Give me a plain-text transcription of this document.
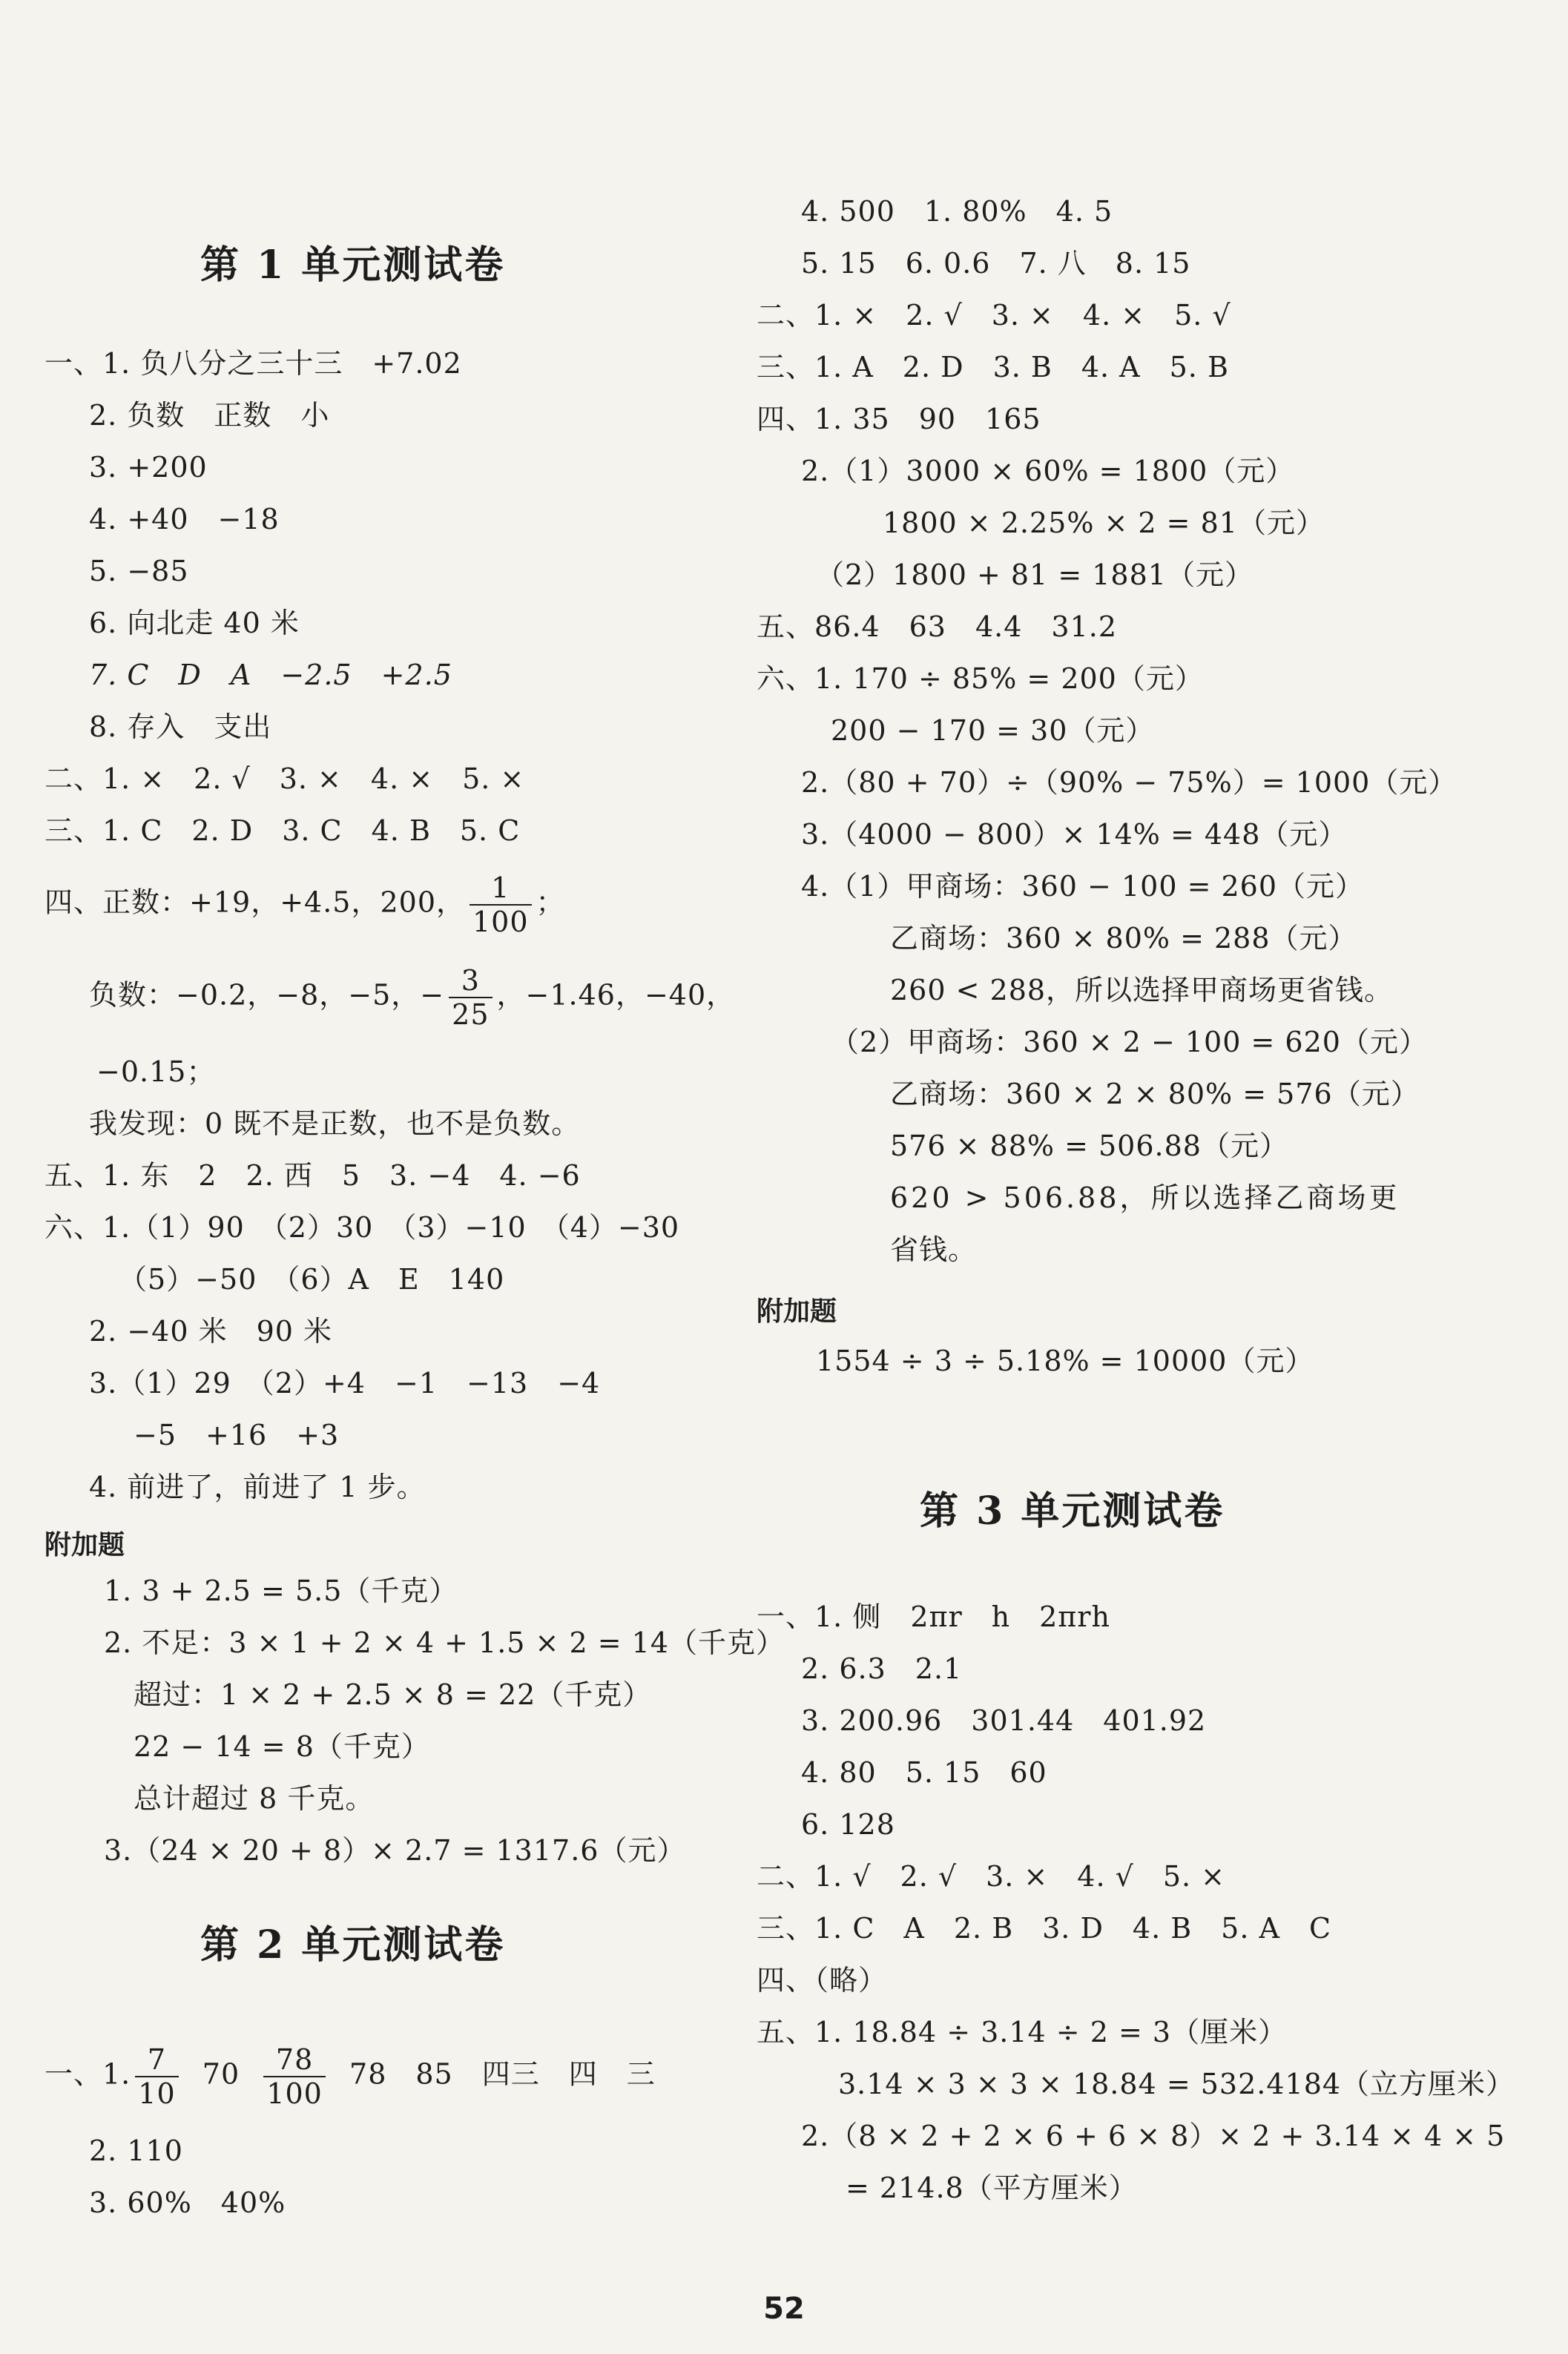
第 1 单元测试卷
一、1. 负八分之三十三　+7.02
2. 负数　正数　小
3. +200
4. +40　−18
5. −85
6. 向北走 40 米
7. C　D　A　−2.5　+2.5
8. 存入　支出
二、1. ×　2. √　3. ×　4. ×　5. ×
三、1. C　2. D　3. C　4. B　5. C
四、正数：+19，+4.5，200， $\frac{1}{100}$ ；
负数：−0.2，−8，−5，− $\frac{3}{25}$ ，−1.46，−40，
−0.15；
我发现：0 既不是正数，也不是负数。
五、1. 东　2　2. 西　5　3. −4　4. −6
六、1.（1）90　（2）30　（3）−10　（4）−30
（5）−50　（6）A　E　140
2. −40 米　90 米
3.（1）29　（2）+4　−1　−13　−4
−5　+16　+3
4. 前进了，前进了 1 步。
附加题
1. 3 + 2.5 = 5.5（千克）
2. 不足：3 × 1 + 2 × 4 + 1.5 × 2 = 14（千克）
超过：1 × 2 + 2.5 × 8 = 22（千克）
22 − 14 = 8（千克）
总计超过 8 千克。
3.（24 × 20 + 8）× 2.7 = 1317.6（元）
第 2 单元测试卷
一、1. $\frac{7}{10} 70 \frac{78}{100} 78$　85　四三　四　三
2. 110
3. 60%　40%
4. 500　1. 80%　4. 5
5. 15　6. 0.6　7. 八　8. 15
二、1. ×　2. √　3. ×　4. ×　5. √
三、1. A　2. D　3. B　4. A　5. B
四、1. 35　90　165
2.（1）3000 × 60% = 1800（元）
1800 × 2.25% × 2 = 81（元）
（2）1800 + 81 = 1881（元）
五、86.4　63　4.4　31.2
六、1. 170 ÷ 85% = 200（元）
200 − 170 = 30（元）
2.（80 + 70）÷（90% − 75%）= 1000（元）
3.（4000 − 800）× 14% = 448（元）
4.（1）甲商场：360 − 100 = 260（元）
乙商场：360 × 80% = 288（元）
260 < 288，所以选择甲商场更省钱。
（2）甲商场：360 × 2 − 100 = 620（元）
乙商场：360 × 2 × 80% = 576（元）
576 × 88% = 506.88（元）
620 > 506.88，所以选择乙商场更
省钱。
附加题
1554 ÷ 3 ÷ 5.18% = 10000（元）
第 3 单元测试卷
一、1. 侧　2πr　h　2πrh
2. 6.3　2.1
3. 200.96　301.44　401.92
4. 80　5. 15　60
6. 128
二、1. √　2. √　3. ×　4. √　5. ×
三、1. C　A　2. B　3. D　4. B　5. A　C
四、（略）
五、1. 18.84 ÷ 3.14 ÷ 2 = 3（厘米）
3.14 × 3 × 3 × 18.84 = 532.4184（立方厘米）
2.（8 × 2 + 2 × 6 + 6 × 8）× 2 + 3.14 × 4 × 5
= 214.8（平方厘米）
52
